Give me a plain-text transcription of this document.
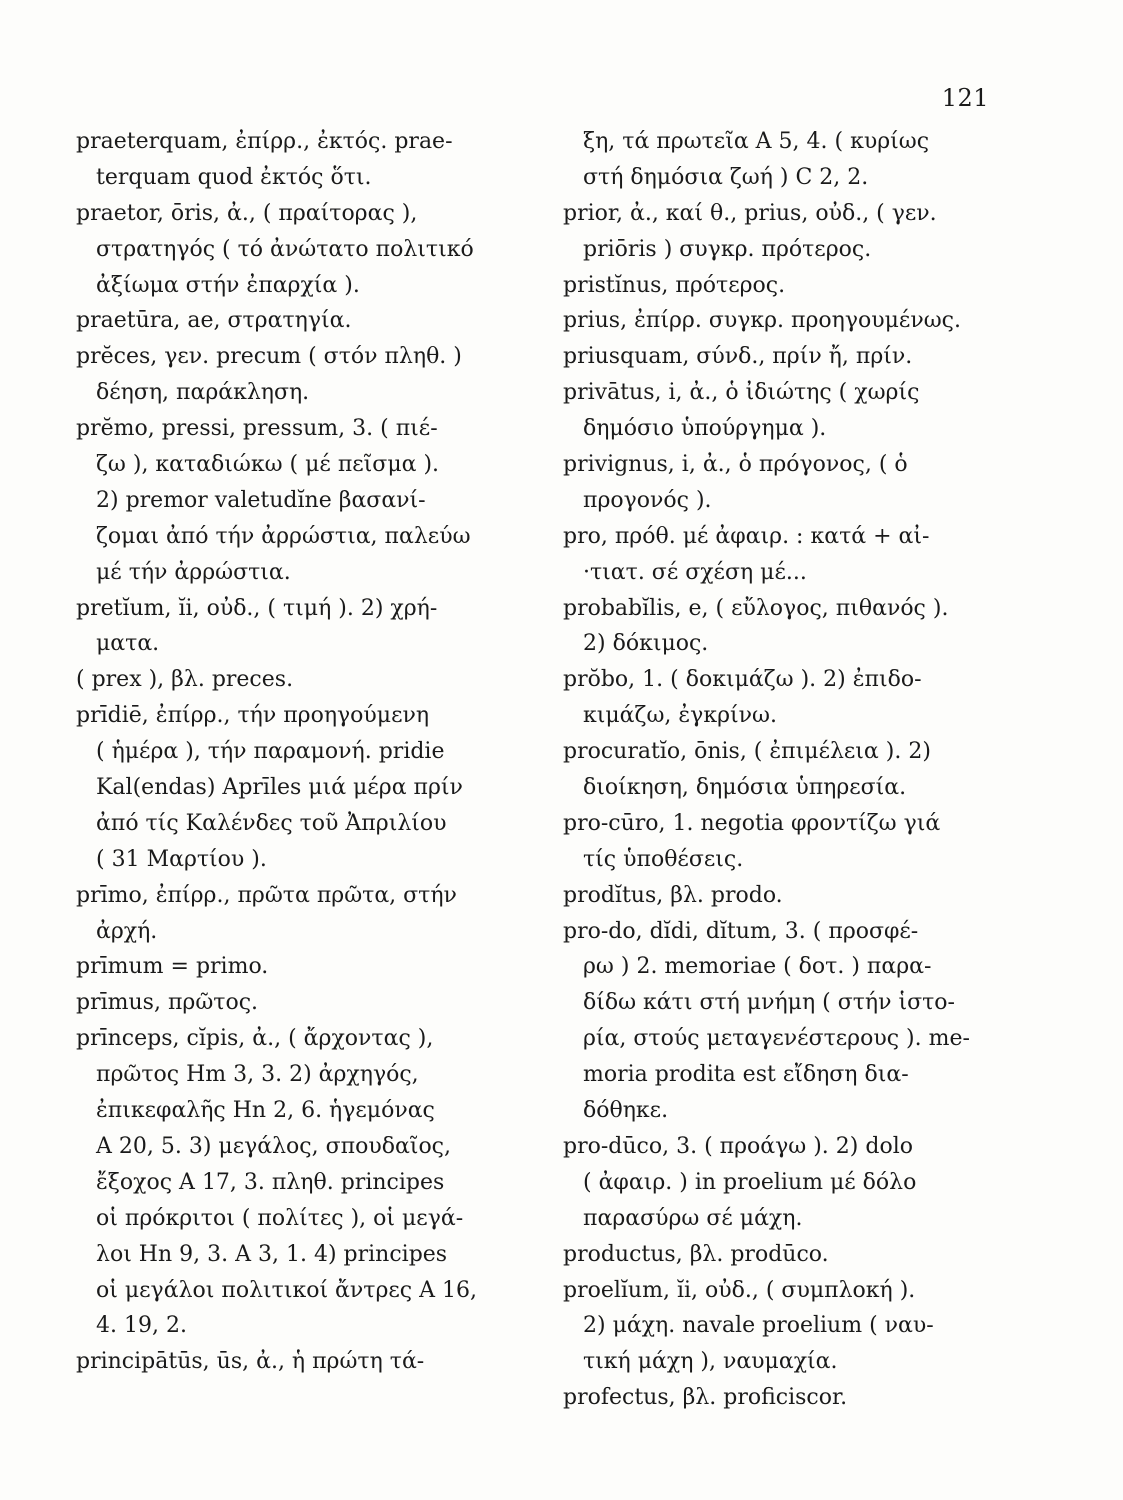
121
praeterquam, ἐπίρρ., ἐκτός. prae-
terquam quod ἐκτός ὅτι.
praetor, ōris, ἀ., ( πραίτορας ),
στρατηγός ( τό ἀνώτατο πολιτικό
ἀξίωμα στήν ἐπαρχία ).
praetūra, ae, στρατηγία.
prĕces, γεν. precum ( στόν πληθ. )
δέηση, παράκληση.
prĕmo, pressi, pressum, 3. ( πιέ-
ζω ), καταδιώκω ( μέ πεῖσμα ).
2) premor valetudĭne βασανί-
ζομαι ἀπό τήν ἀρρώστια, παλεύω
μέ τήν ἀρρώστια.
pretĭum, ĭi, οὐδ., ( τιμή ). 2) χρή-
ματα.
( prex ), βλ. preces.
prīdiē, ἐπίρρ., τήν προηγούμενη
( ἡμέρα ), τήν παραμονή. pridie
Kal(endas) Aprīles μιά μέρα πρίν
ἀπό τίς Καλένδες τοῦ Ἀπριλίου
( 31 Μαρτίου ).
prīmo, ἐπίρρ., πρῶτα πρῶτα, στήν
ἀρχή.
prīmum = primo.
prīmus, πρῶτος.
prīnceps, cĭpis, ἀ., ( ἄρχοντας ),
πρῶτος Hm 3, 3. 2) ἀρχηγός,
ἐπικεφαλῆς Hn 2, 6. ἡγεμόνας
A 20, 5. 3) μεγάλος, σπουδαῖος,
ἔξοχος A 17, 3. πληθ. principes
οἱ πρόκριτοι ( πολίτες ), οἱ μεγά-
λοι Hn 9, 3. A 3, 1. 4) principes
οἱ μεγάλοι πολιτικοί ἄντρες A 16,
4. 19, 2.
principātūs, ūs, ἀ., ἡ πρώτη τά-
ξη, τά πρωτεῖα A 5, 4. ( κυρίως
στή δημόσια ζωή ) C 2, 2.
prior, ἀ., καί θ., prius, οὐδ., ( γεν.
priōris ) συγκρ. πρότερος.
pristĭnus, πρότερος.
prius, ἐπίρρ. συγκρ. προηγουμένως.
priusquam, σύνδ., πρίν ἤ, πρίν.
privātus, i, ἀ., ὁ ἰδιώτης ( χωρίς
δημόσιο ὑπούργημα ).
privignus, i, ἀ., ὁ πρόγονος, ( ὁ
προγονός ).
pro, πρόθ. μέ ἀφαιρ. : κατά + αἰ-
·τιατ. σέ σχέση μέ...
probabĭlis, e, ( εὔλογος, πιθανός ).
2) δόκιμος.
prŏbo, 1. ( δοκιμάζω ). 2) ἐπιδο-
κιμάζω, ἐγκρίνω.
procuratĭo, ōnis, ( ἐπιμέλεια ). 2)
διοίκηση, δημόσια ὑπηρεσία.
pro-cūro, 1. negotia φροντίζω γιά
τίς ὑποθέσεις.
prodĭtus, βλ. prodo.
pro-do, dĭdi, dĭtum, 3. ( προσφέ-
ρω ) 2. memoriae ( δοτ. ) παρα-
δίδω κάτι στή μνήμη ( στήν ἱστο-
ρία, στούς μεταγενέστερους ). me-
moria prodita est εἴδηση δια-
δόθηκε.
pro-dūco, 3. ( προάγω ). 2) dolo
( ἀφαιρ. ) in proelium μέ δόλο
παρασύρω σέ μάχη.
productus, βλ. prodūco.
proelĭum, ĭi, οὐδ., ( συμπλοκή ).
2) μάχη. navale proelium ( ναυ-
τική μάχη ), ναυμαχία.
profectus, βλ. proficiscor.
